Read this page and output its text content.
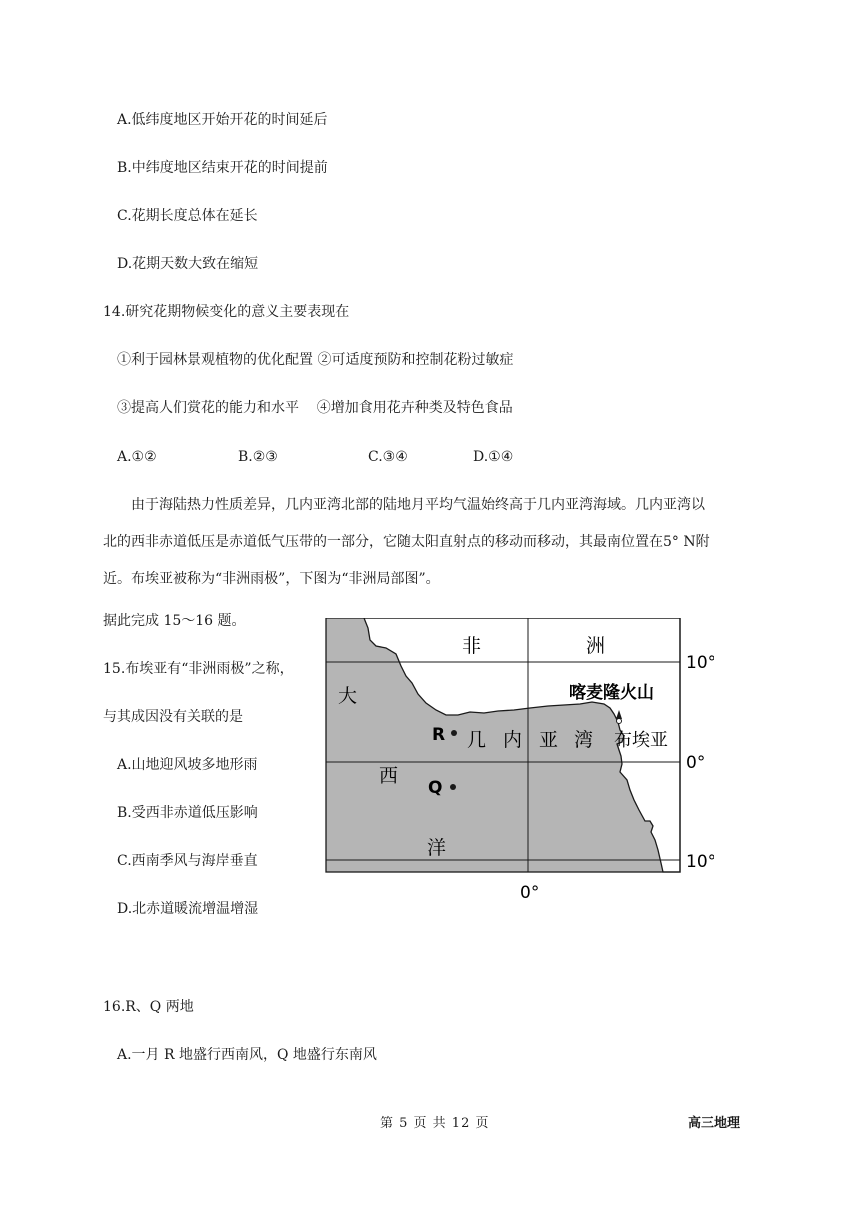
A.低纬度地区开始开花的时间延后
B.中纬度地区结束开花的时间提前
C.花期长度总体在延长
D.花期天数大致在缩短
14.研究花期物候变化的意义主要表现在
①利于园林景观植物的优化配置 ②可适度预防和控制花粉过敏症
③提高人们赏花的能力和水平    ④增加食用花卉种类及特色食品
A.①②	B.②③	C.③④	D.①④
由于海陆热力性质差异，几内亚湾北部的陆地月平均气温始终高于几内亚湾海域。几内亚湾以
北的西非赤道低压是赤道低气压带的一部分，它随太阳直射点的移动而移动，其最南位置在5° N附
近。布埃亚被称为“非洲雨极”，下图为“非洲局部图”。
据此完成 15～16 题。
15.布埃亚有“非洲雨极”之称，
与其成因没有关联的是
A.山地迎风坡多地形雨
B.受西非赤道低压影响
C.西南季风与海岸垂直
D.北赤道暖流增温增湿
16.R、Q 两地
A.一月 R 地盛行西南风，Q 地盛行东南风
非	洲
大
西
洋
R
Q
几 内 亚 湾
喀麦隆火山
布埃亚
10°
0°
10°
0°
第 5 页 共 12 页	高三地理
